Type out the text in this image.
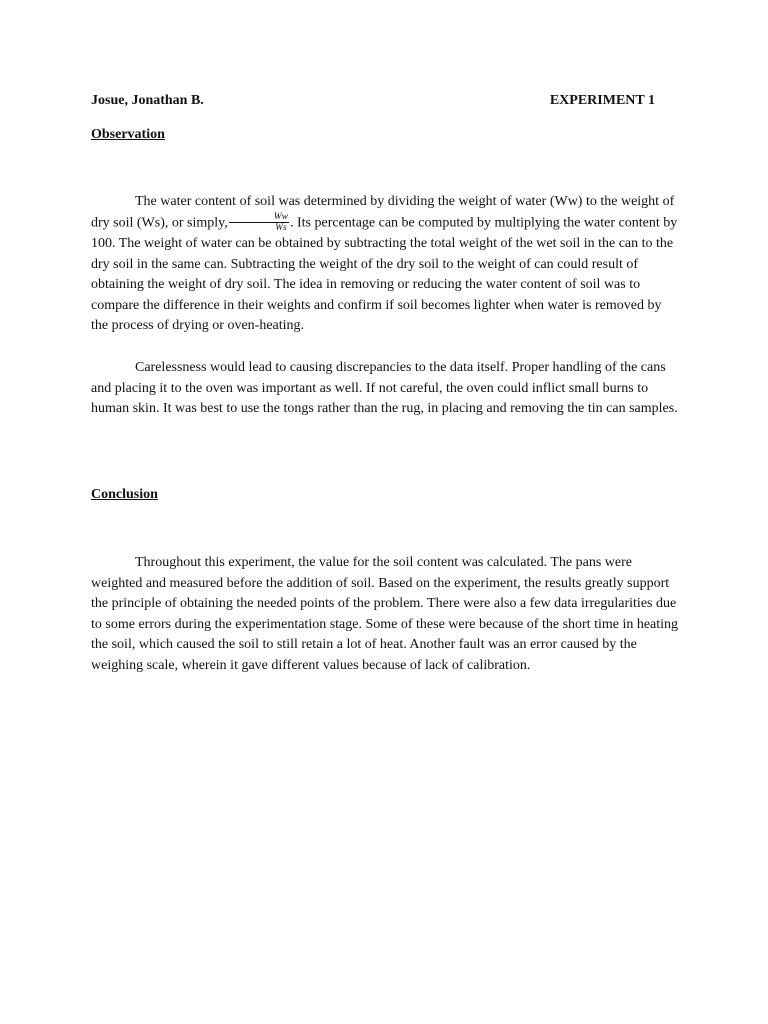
Josue, Jonathan B.	EXPERIMENT 1
Observation

The water content of soil was determined by dividing the weight of water (Ww) to the weight of dry soil (Ws), or simply, $\frac{Ww}{Ws}$ . Its percentage can be computed by multiplying the water content by 100. The weight of water can be obtained by subtracting the total weight of the wet soil in the can to the dry soil in the same can. Subtracting the weight of the dry soil to the weight of can could result of obtaining the weight of dry soil. The idea in removing or reducing the water content of soil was to compare the difference in their weights and confirm if soil becomes lighter when water is removed by the process of drying or oven-heating.

Carelessness would lead to causing discrepancies to the data itself. Proper handling of the cans and placing it to the oven was important as well. If not careful, the oven could inflict small burns to human skin. It was best to use the tongs rather than the rug, in placing and removing the tin can samples.

Conclusion

Throughout this experiment, the value for the soil content was calculated. The pans were weighted and measured before the addition of soil. Based on the experiment, the results greatly support the principle of obtaining the needed points of the problem. There were also a few data irregularities due to some errors during the experimentation stage. Some of these were because of the short time in heating the soil, which caused the soil to still retain a lot of heat. Another fault was an error caused by the weighing scale, wherein it gave different values because of lack of calibration.
